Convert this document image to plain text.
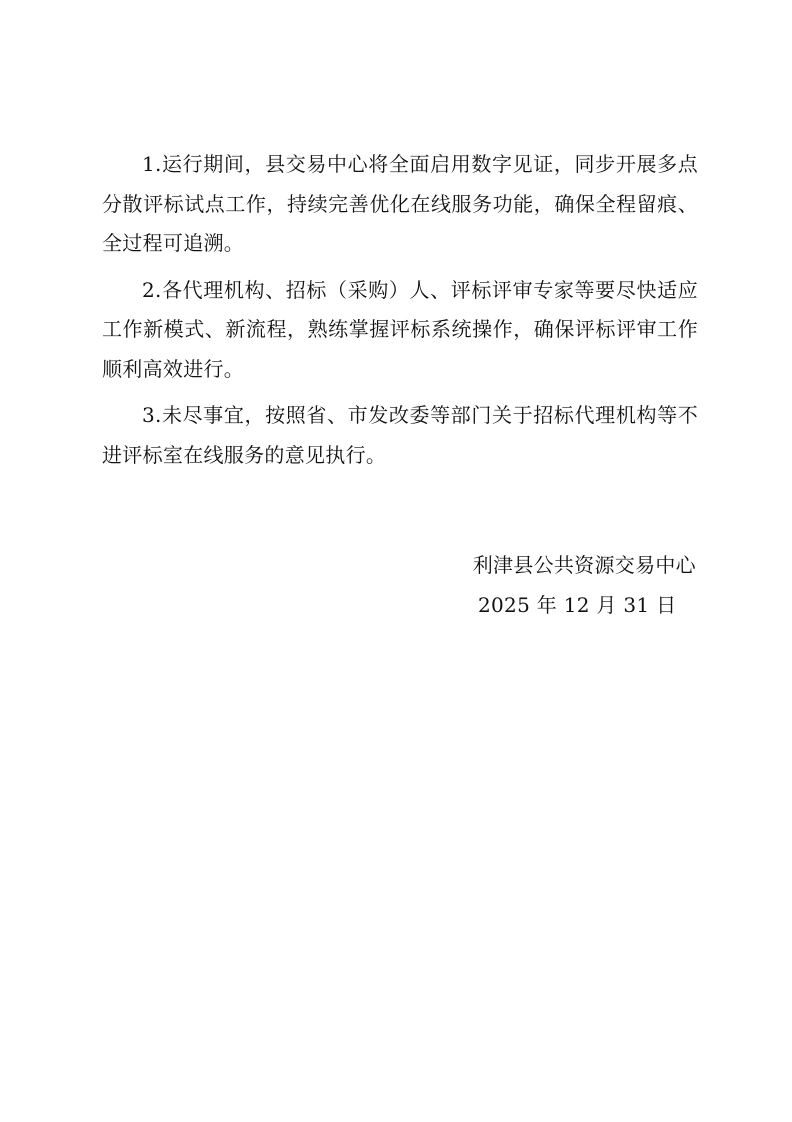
1.运行期间，县交易中心将全面启用数字见证，同步开展多点分散评标试点工作，持续完善优化在线服务功能，确保全程留痕、全过程可追溯。

2.各代理机构、招标（采购）人、评标评审专家等要尽快适应工作新模式、新流程，熟练掌握评标系统操作，确保评标评审工作顺利高效进行。

3.未尽事宜，按照省、市发改委等部门关于招标代理机构等不进评标室在线服务的意见执行。

利津县公共资源交易中心
2025 年 12 月 31 日
